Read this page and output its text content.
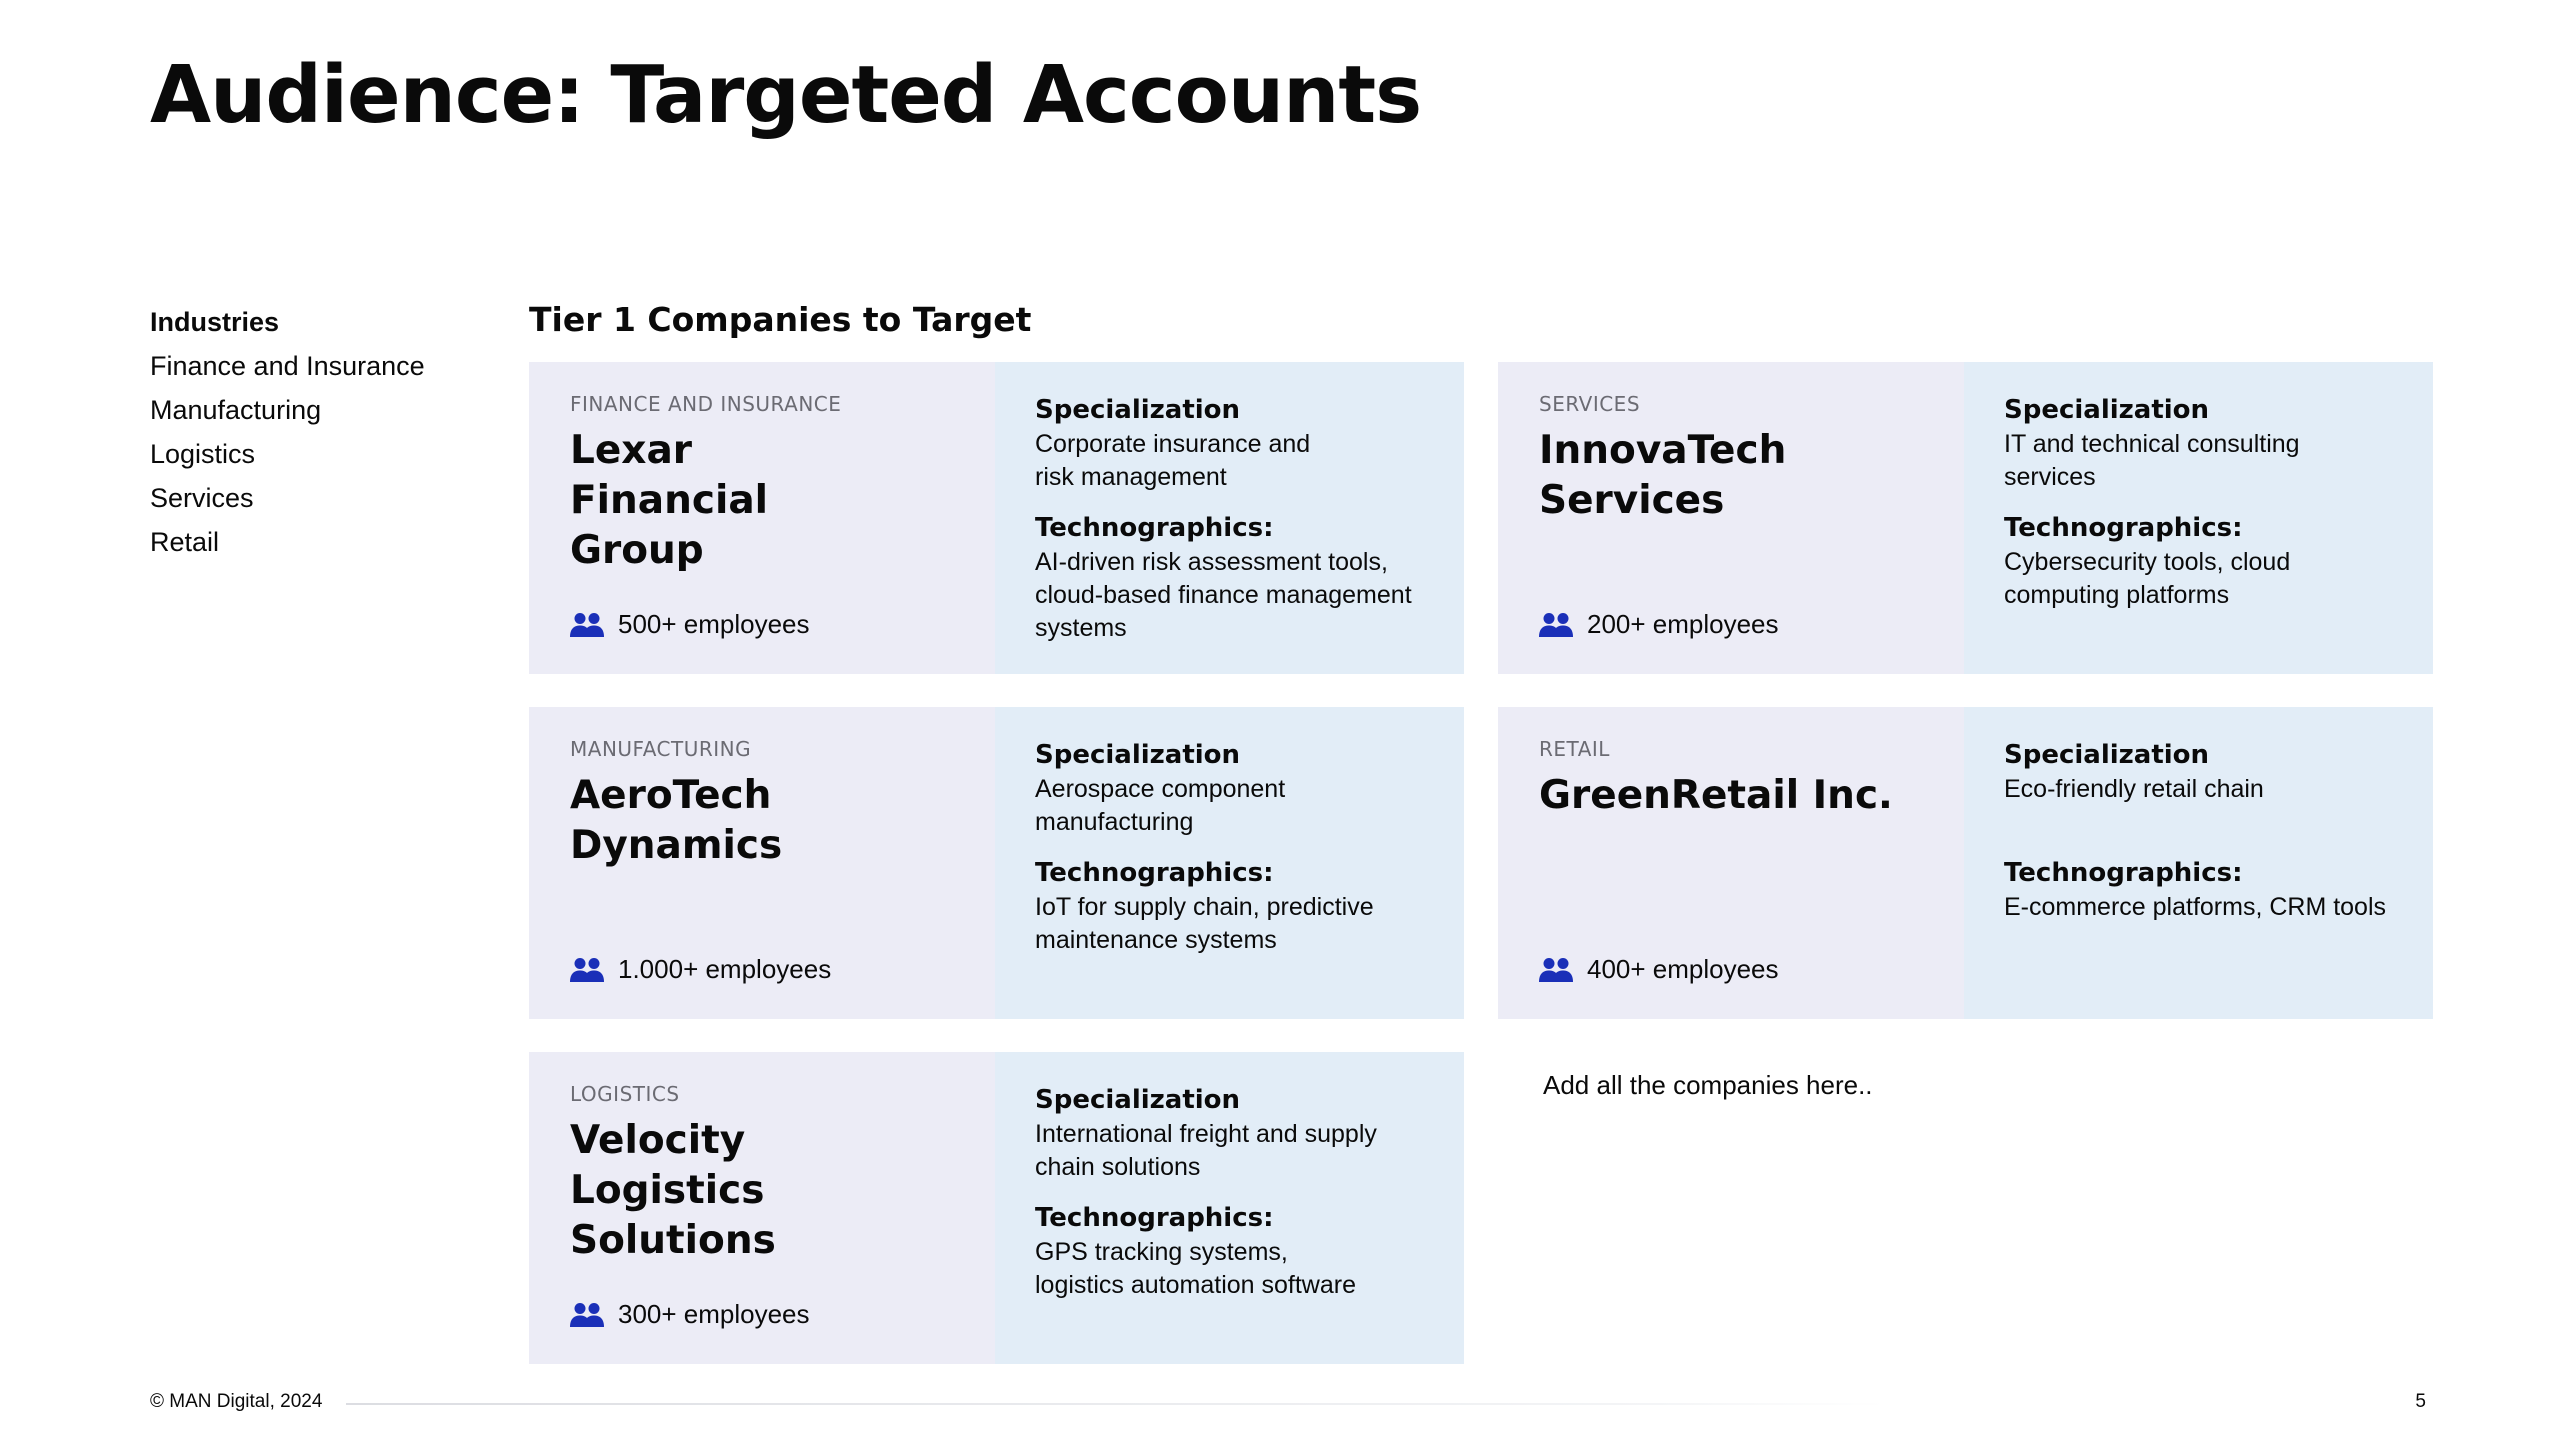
Audience: Targeted Accounts
Industries
Finance and Insurance
Manufacturing
Logistics
Services
Retail
Tier 1 Companies to Target
FINANCE AND INSURANCE
Lexar
Financial
Group
500+ employees
Specialization
Corporate insurance and
risk management
Technographics:
AI-driven risk assessment tools,
cloud-based finance management
systems
SERVICES
InnovaTech
Services
200+ employees
Specialization
IT and technical consulting
services
Technographics:
Cybersecurity tools, cloud
computing platforms
MANUFACTURING
AeroTech
Dynamics
1.000+ employees
Specialization
Aerospace component
manufacturing
Technographics:
IoT for supply chain, predictive
maintenance systems
RETAIL
GreenRetail Inc.
400+ employees
Specialization
Eco-friendly retail chain
Technographics:
E-commerce platforms, CRM tools
LOGISTICS
Velocity
Logistics
Solutions
300+ employees
Specialization
International freight and supply
chain solutions
Technographics:
GPS tracking systems,
logistics automation software
Add all the companies here..
© MAN Digital, 2024	5
